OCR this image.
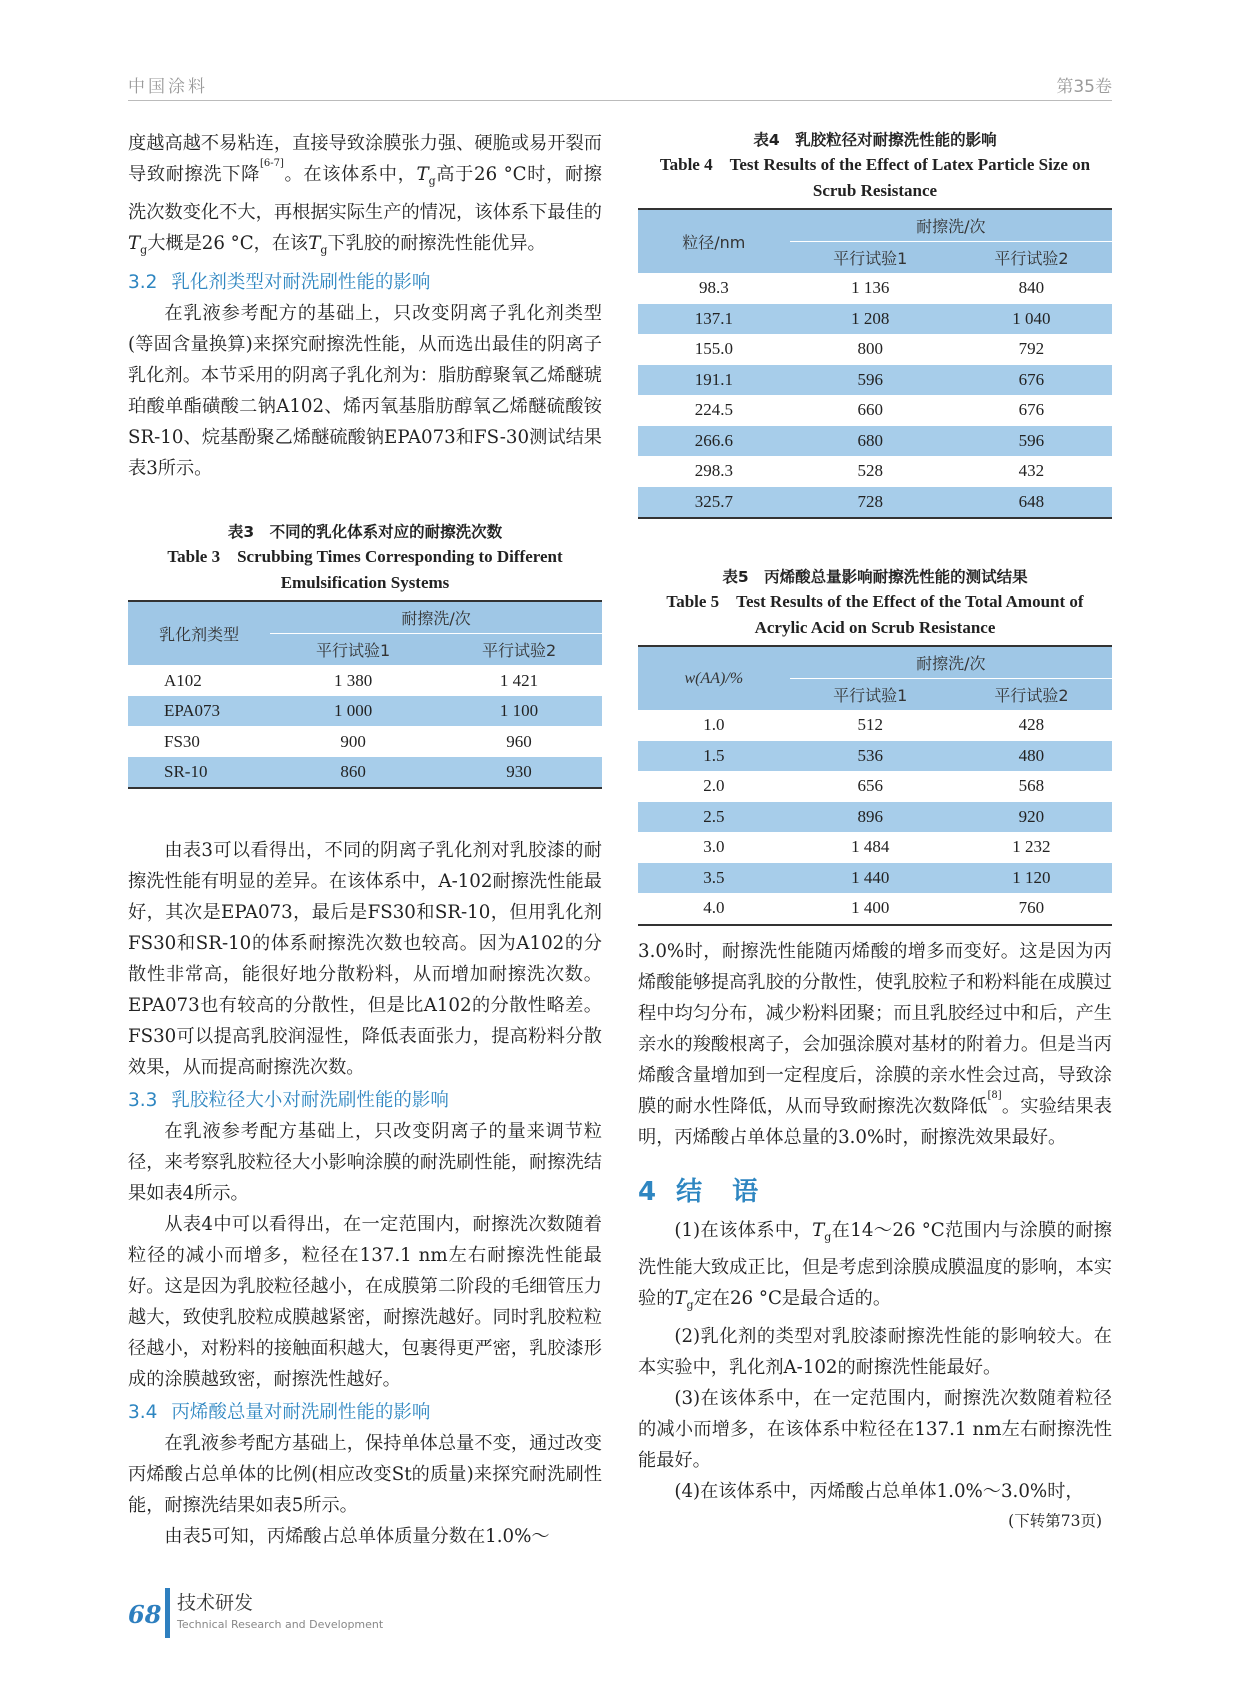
中国涂料	第35卷

度越高越不易粘连，直接导致涂膜张力强、硬脆或易开裂而导致耐擦洗下降[6-7]。在该体系中，$T_g$高于26 °C时，耐擦洗次数变化不大，再根据实际生产的情况，该体系下最佳的$T_g$大概是26 °C，在该$T_g$下乳胶的耐擦洗性能优异。

3.2 乳化剂类型对耐洗刷性能的影响

在乳液参考配方的基础上，只改变阴离子乳化剂类型(等固含量换算)来探究耐擦洗性能，从而选出最佳的阴离子乳化剂。本节采用的阴离子乳化剂为：脂肪醇聚氧乙烯醚琥珀酸单酯磺酸二钠A102、烯丙氧基脂肪醇氧乙烯醚硫酸铵SR-10、烷基酚聚乙烯醚硫酸钠EPA073和FS-30测试结果表3所示。

表3　不同的乳化体系对应的耐擦洗次数
Table 3　Scrubbing Times Corresponding to Different Emulsification Systems
乳化剂类型	耐擦洗/次	
	平行试验1	平行试验2
A102	1 380	1 421
EPA073	1 000	1 100
FS30	900	960
SR-10	860	930

由表3可以看得出，不同的阴离子乳化剂对乳胶漆的耐擦洗性能有明显的差异。在该体系中，A-102耐擦洗性能最好，其次是EPA073，最后是FS30和SR-10，但用乳化剂FS30和SR-10的体系耐擦洗次数也较高。因为A102的分散性非常高，能很好地分散粉料，从而增加耐擦洗次数。EPA073也有较高的分散性，但是比A102的分散性略差。FS30可以提高乳胶润湿性，降低表面张力，提高粉料分散效果，从而提高耐擦洗次数。

3.3 乳胶粒径大小对耐洗刷性能的影响

在乳液参考配方基础上，只改变阴离子的量来调节粒径，来考察乳胶粒径大小影响涂膜的耐洗刷性能，耐擦洗结果如表4所示。

从表4中可以看得出，在一定范围内，耐擦洗次数随着粒径的减小而增多，粒径在137.1 nm左右耐擦洗性能最好。这是因为乳胶粒径越小，在成膜第二阶段的毛细管压力越大，致使乳胶粒成膜越紧密，耐擦洗越好。同时乳胶粒粒径越小，对粉料的接触面积越大，包裹得更严密，乳胶漆形成的涂膜越致密，耐擦洗性越好。

3.4 丙烯酸总量对耐洗刷性能的影响

在乳液参考配方基础上，保持单体总量不变，通过改变丙烯酸占总单体的比例(相应改变St的质量)来探究耐洗刷性能，耐擦洗结果如表5所示。

由表5可知，丙烯酸占总单体质量分数在1.0%～

表4　乳胶粒径对耐擦洗性能的影响
Table 4　Test Results of the Effect of Latex Particle Size on Scrub Resistance
粒径/nm	耐擦洗/次	
	平行试验1	平行试验2
98.3	1 136	840
137.1	1 208	1 040
155.0	800	792
191.1	596	676
224.5	660	676
266.6	680	596
298.3	528	432
325.7	728	648
表5　丙烯酸总量影响耐擦洗性能的测试结果
Table 5　Test Results of the Effect of the Total Amount of Acrylic Acid on Scrub Resistance
w(AA)/%	耐擦洗/次	
	平行试验1	平行试验2
1.0	512	428
1.5	536	480
2.0	656	568
2.5	896	920
3.0	1 484	1 232
3.5	1 440	1 120
4.0	1 400	760

3.0%时，耐擦洗性能随丙烯酸的增多而变好。这是因为丙烯酸能够提高乳胶的分散性，使乳胶粒子和粉料能在成膜过程中均匀分布，减少粉料团聚；而且乳胶经过中和后，产生亲水的羧酸根离子，会加强涂膜对基材的附着力。但是当丙烯酸含量增加到一定程度后，涂膜的亲水性会过高，导致涂膜的耐水性降低，从而导致耐擦洗次数降低[8]。实验结果表明，丙烯酸占单体总量的3.0%时，耐擦洗效果最好。

4 结　语

(1)在该体系中，$T_g$在14～26 °C范围内与涂膜的耐擦洗性能大致成正比，但是考虑到涂膜成膜温度的影响，本实验的$T_g$定在26 °C是最合适的。

(2)乳化剂的类型对乳胶漆耐擦洗性能的影响较大。在本实验中，乳化剂A-102的耐擦洗性能最好。

(3)在该体系中，在一定范围内，耐擦洗次数随着粒径的减小而增多，在该体系中粒径在137.1 nm左右耐擦洗性能最好。

(4)在该体系中，丙烯酸占总单体1.0%～3.0%时，

(下转第73页)
68 技术研发
Technical Research and Development
